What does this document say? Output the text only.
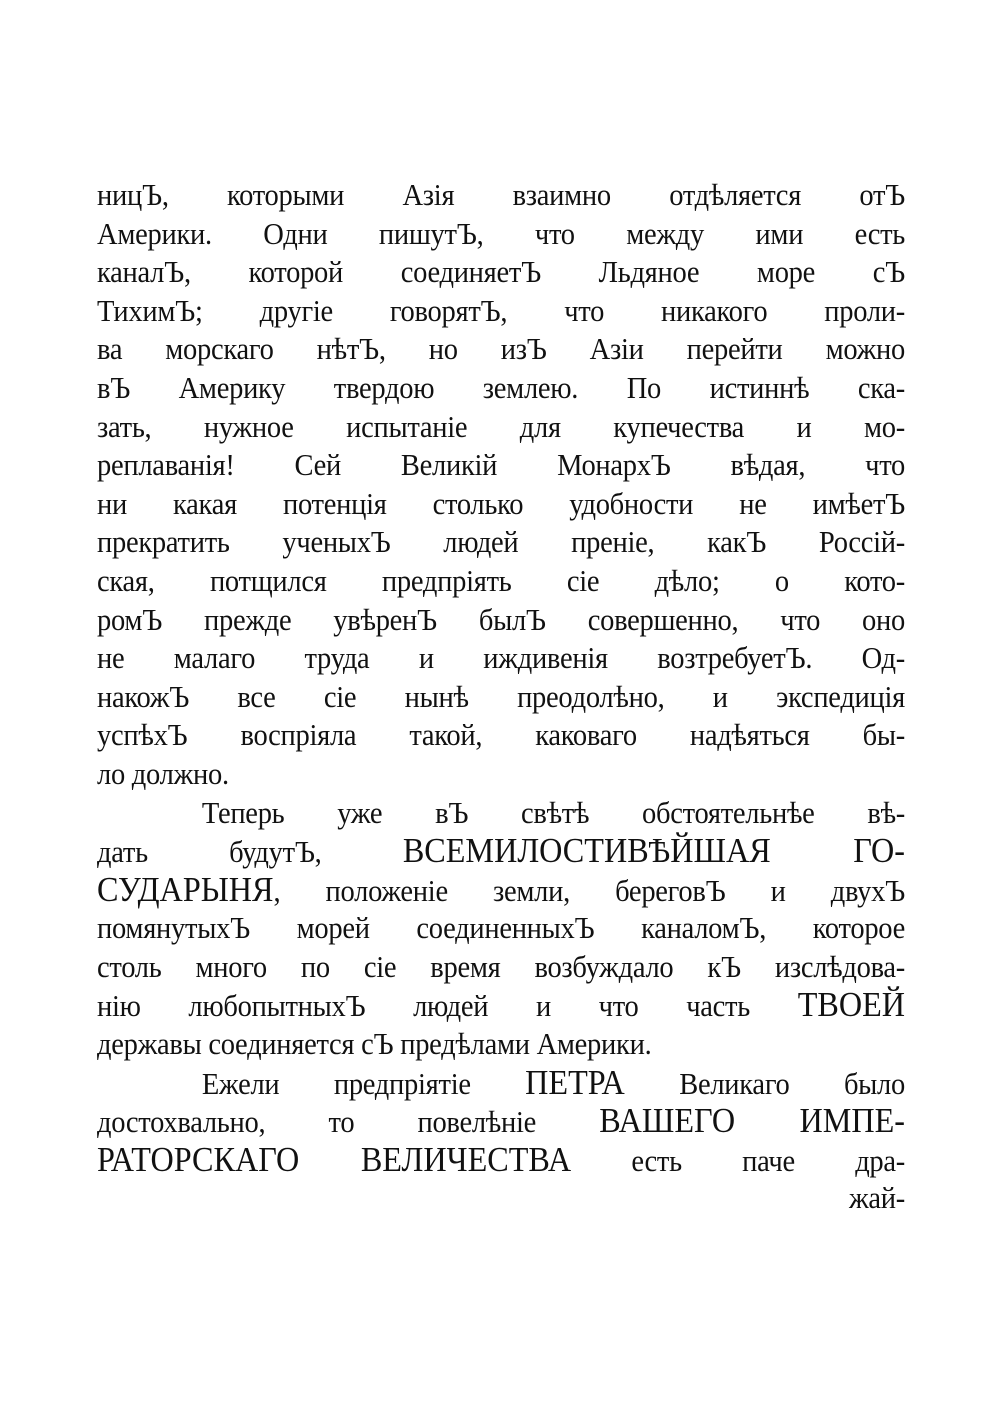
ницЪ, которыми Азія взаимно отдѣляется отЪ
Америки. Одни пишутЪ, что между ими есть
каналЪ, которой соединяетЪ Льдяное море сЪ
ТихимЪ; другіе говорятЪ, что никакого проли-
ва морскаго нѣтЪ, но изЪ Азіи перейти можно
вЪ Америку твердою землею. По истиннѣ ска-
зать, нужное испытаніе для купечества и мо-
реплаванія! Сей Великій МонархЪ вѣдая, что
ни какая потенція столько удобности не имѣетЪ
прекратить ученыхЪ людей преніе, какЪ Россій-
ская, потщился предпріять сіе дѣло; о кото-
ромЪ прежде увѣренЪ былЪ совершенно, что оно
не малаго труда и иждивенія возтребуетЪ. Од-
накожЪ все сіе нынѣ преодолѣно, и экспедиція
успѣхЪ воспріяла такой, каковаго надѣяться бы-
ло должно.
Теперь уже вЪ свѣтѣ обстоятельнѣе вѣ-
дать будутЪ, ВСЕМИЛОСТИВѢЙШАЯ ГО-
СУДАРЫНЯ, положеніе земли, береговЪ и двухЪ
помянутыхЪ морей соединенныхЪ каналомЪ, которое
столь много по сіе время возбуждало кЪ изслѣдова-
нію любопытныхЪ людей и что часть ТВОЕЙ
державы соединяется сЪ предѣлами Америки.
Ежели предпріятіе ПЕТРА Великаго было
достохвально, то повелѣніе ВАШЕГО ИМПЕ-
РАТОРСКАГО ВЕЛИЧЕСТВА есть паче дра-
жай-
